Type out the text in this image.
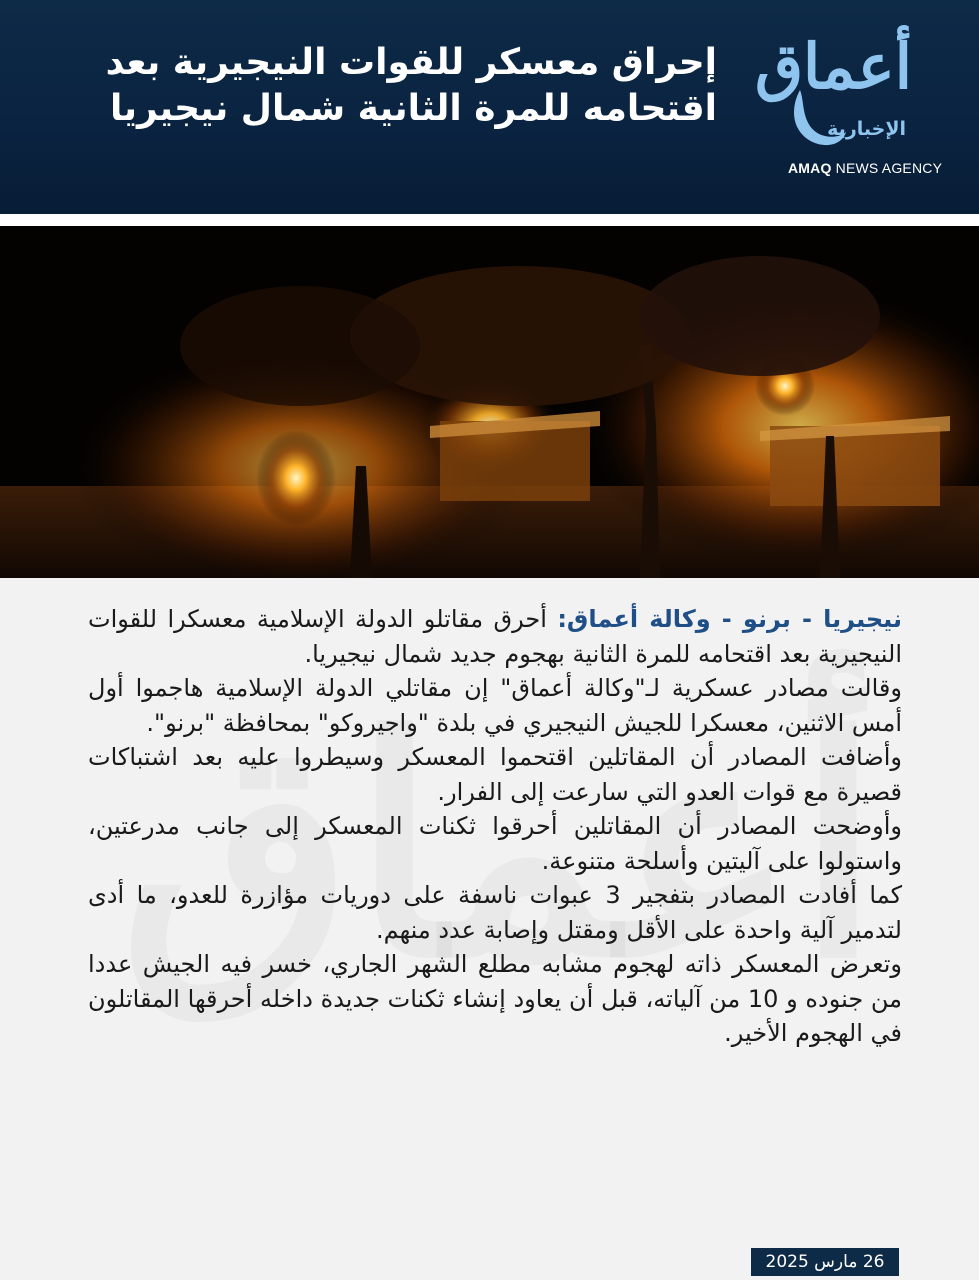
إحراق معسكر للقوات النيجيرية بعد اقتحامه للمرة الثانية شمال نيجيريا
أعماق
الإخبارية
AMAQ NEWS AGENCY

نيجيريا - برنو - وكالة أعماق: أحرق مقاتلو الدولة الإسلامية معسكرا للقوات النيجيرية بعد اقتحامه للمرة الثانية بهجوم جديد شمال نيجيريا.

وقالت مصادر عسكرية لـ"وكالة أعماق" إن مقاتلي الدولة الإسلامية هاجموا أول أمس الاثنين، معسكرا للجيش النيجيري في بلدة "واجيروكو" بمحافظة "برنو".

وأضافت المصادر أن المقاتلين اقتحموا المعسكر وسيطروا عليه بعد اشتباكات قصيرة مع قوات العدو التي سارعت إلى الفرار.

وأوضحت المصادر أن المقاتلين أحرقوا ثكنات المعسكر إلى جانب مدرعتين، واستولوا على آليتين وأسلحة متنوعة.

كما أفادت المصادر بتفجير 3 عبوات ناسفة على دوريات مؤازرة للعدو، ما أدى لتدمير آلية واحدة على الأقل ومقتل وإصابة عدد منهم.

وتعرض المعسكر ذاته لهجوم مشابه مطلع الشهر الجاري، خسر فيه الجيش عددا من جنوده و 10 من آلياته، قبل أن يعاود إنشاء ثكنات جديدة داخله أحرقها المقاتلون في الهجوم الأخير.

26 مارس 2025
